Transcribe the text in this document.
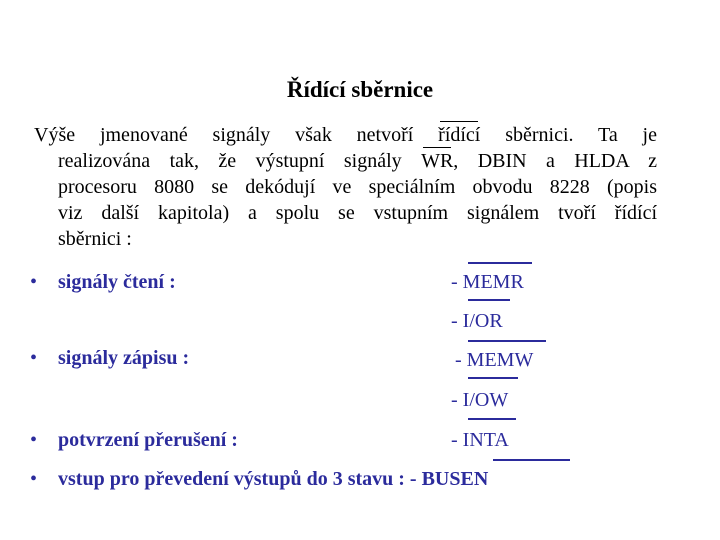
Řídící sběrnice
Výše jmenované signály však netvoří řídící sběrnici. Ta je
realizována tak, že výstupní signály WR, DBIN a HLDA z
procesoru 8080 se dekódují ve speciálním obvodu 8228 (popis
viz další kapitola) a spolu se vstupním signálem tvoří řídící
sběrnici :
• signály čtení :
• signály zápisu :
• potvrzení přerušení :
• vstup pro převedení výstupů do 3 stavu : - BUSEN
- MEMR
- I/OR
- MEMW
- I/OW
- INTA
